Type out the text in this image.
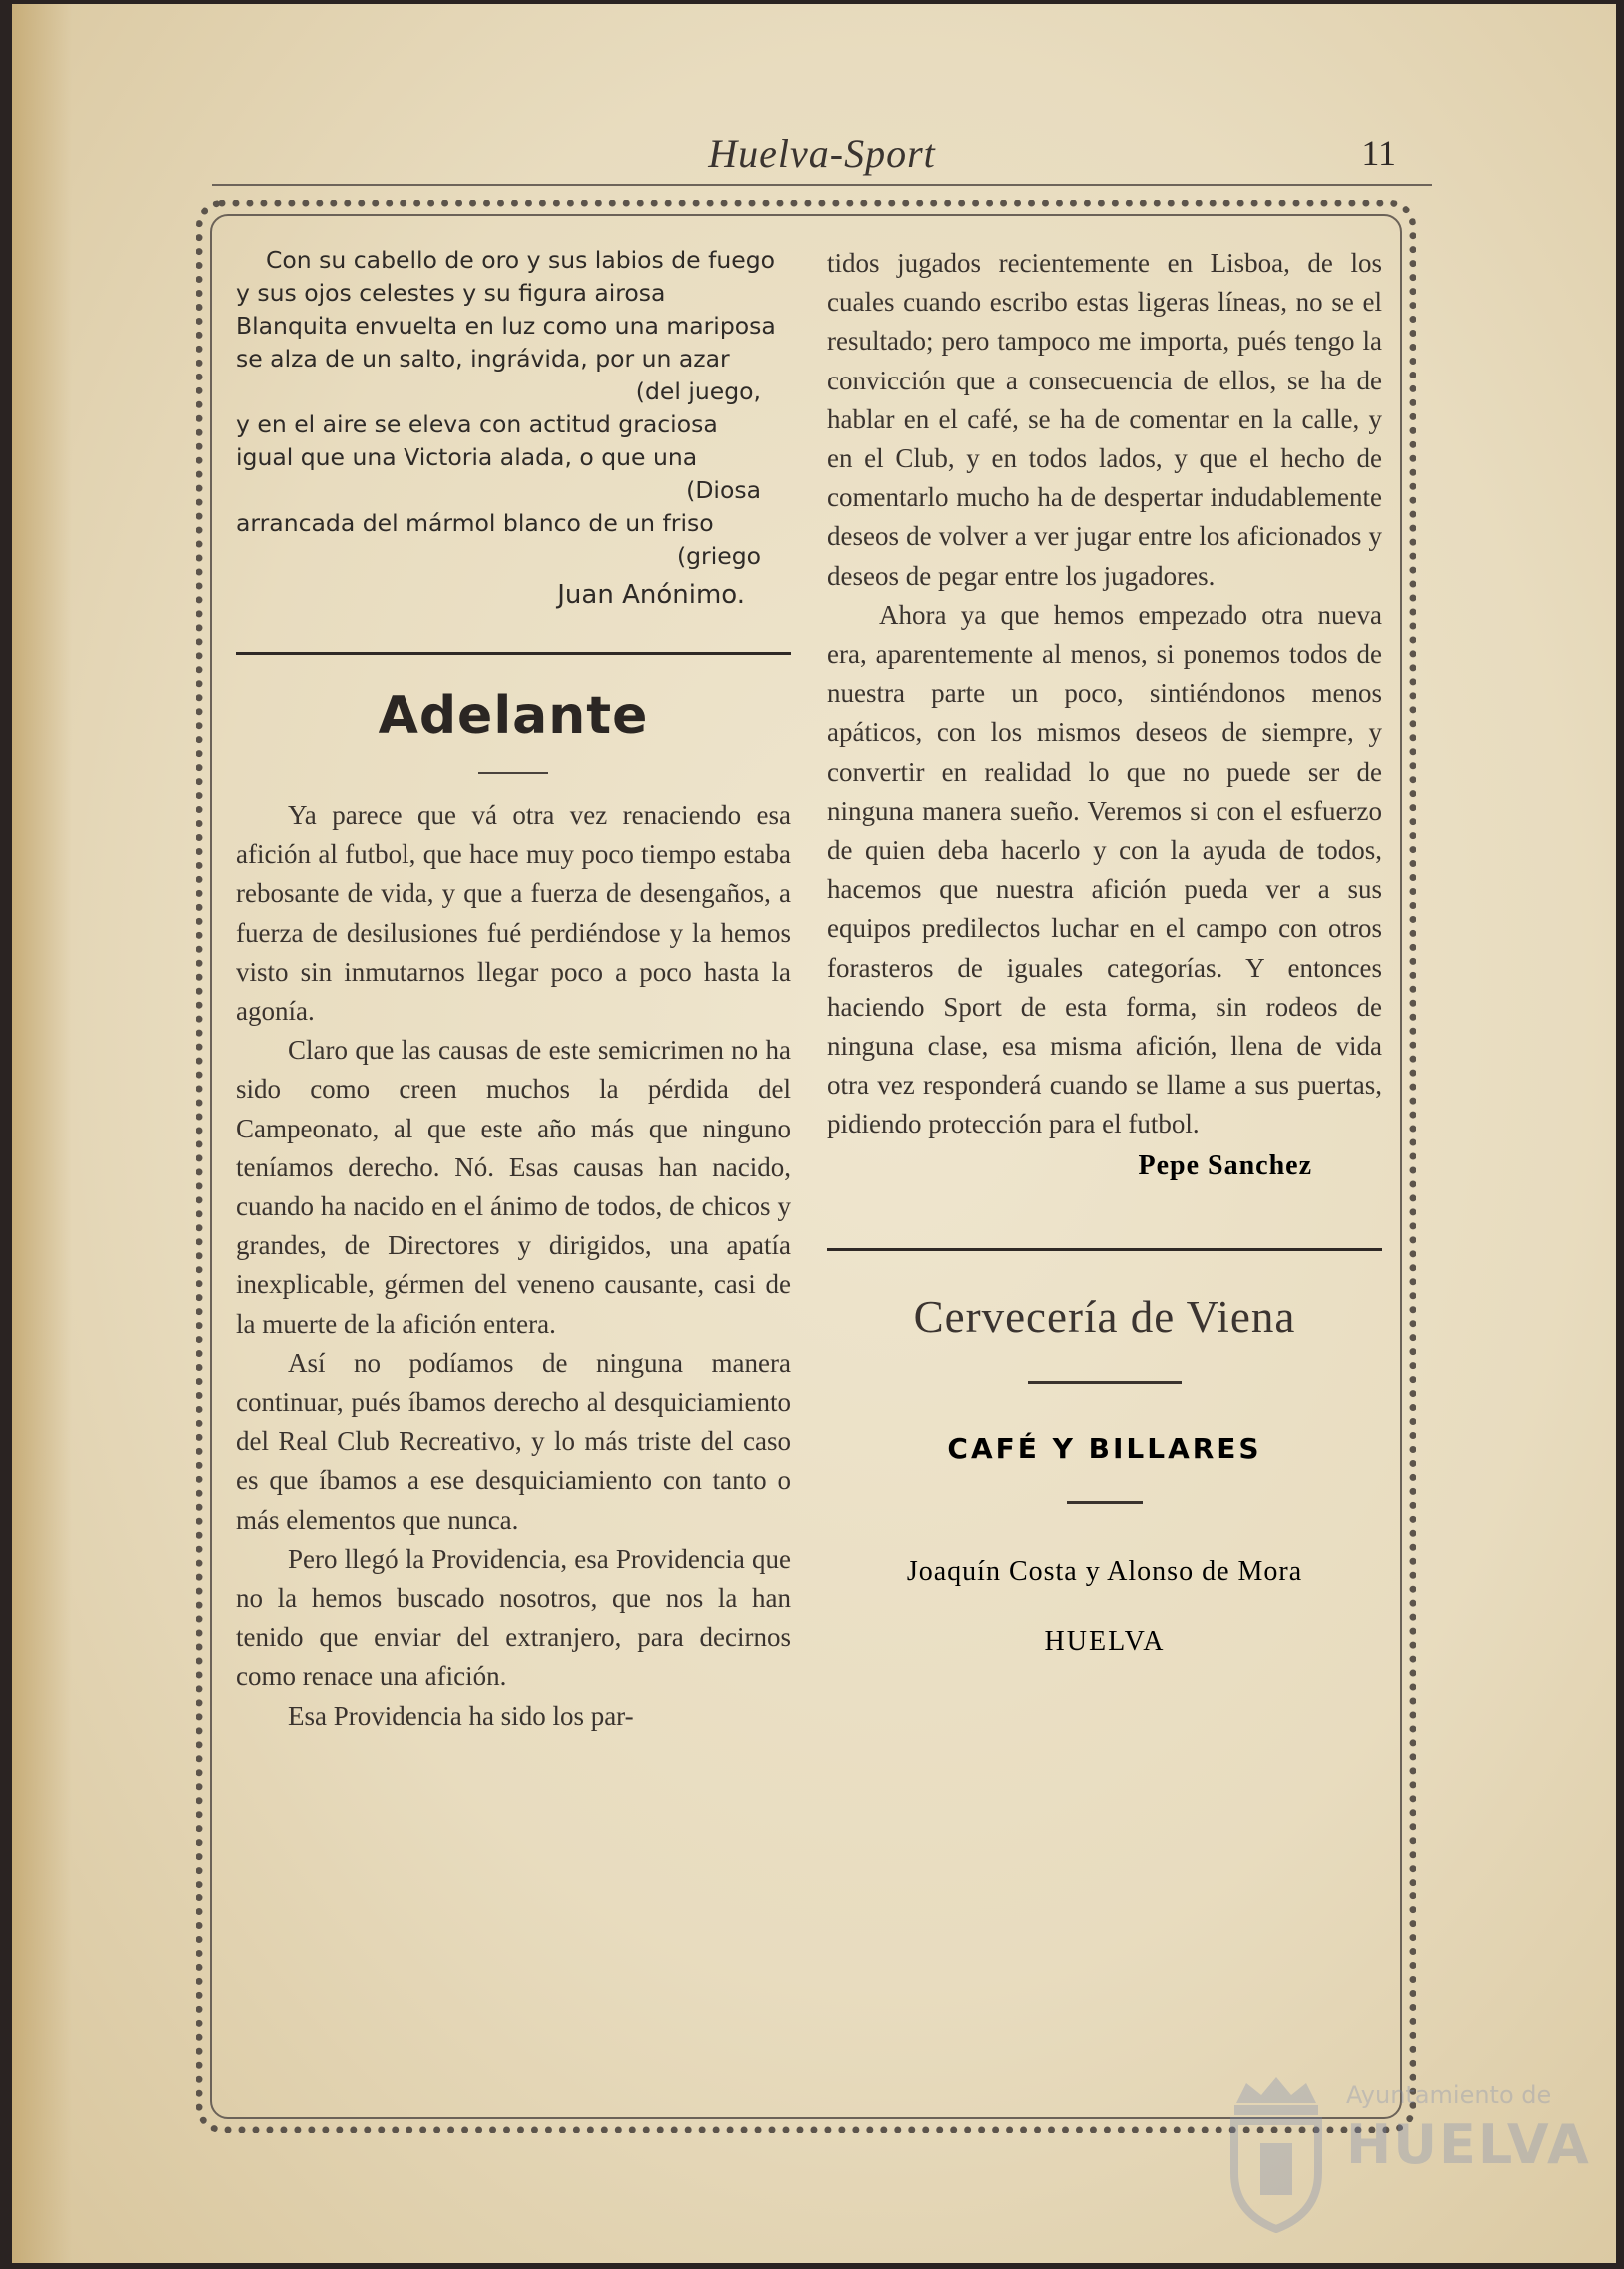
Huelva-Sport	11
Con su cabello de oro y sus labios de fuego
y sus ojos celestes y su figura airosa
Blanquita envuelta en luz como una mariposa
se alza de un salto, ingrávida, por un azar
(del juego,
y en el aire se eleva con actitud graciosa
igual que una Victoria alada, o que una
(Diosa
arrancada del mármol blanco de un friso
(griego
Juan Anónimo.
Adelante

Ya parece que vá otra vez renaciendo esa afición al futbol, que hace muy poco tiempo estaba rebosante de vida, y que a fuerza de desengaños, a fuerza de desilusiones fué perdiéndose y la hemos visto sin inmutarnos llegar poco a poco hasta la agonía.

Claro que las causas de este semicrimen no ha sido como creen muchos la pérdida del Campeonato, al que este año más que ninguno teníamos derecho. Nó. Esas causas han nacido, cuando ha nacido en el ánimo de todos, de chicos y grandes, de Directores y dirigidos, una apatía inexplicable, gérmen del veneno causante, casi de la muerte de la afición entera.

Así no podíamos de ninguna manera continuar, pués íbamos derecho al desquiciamiento del Real Club Recreativo, y lo más triste del caso es que íbamos a ese desquiciamiento con tanto o más elementos que nunca.

Pero llegó la Providencia, esa Providencia que no la hemos buscado nosotros, que nos la han tenido que enviar del extranjero, para decirnos como renace una afición.

Esa Providencia ha sido los par-

tidos jugados recientemente en Lisboa, de los cuales cuando escribo estas ligeras líneas, no se el resultado; pero tampoco me importa, pués tengo la convicción que a consecuencia de ellos, se ha de hablar en el café, se ha de comentar en la calle, y en el Club, y en todos lados, y que el hecho de comentarlo mucho ha de despertar indudablemente deseos de volver a ver jugar entre los aficionados y deseos de pegar entre los jugadores.

Ahora ya que hemos empezado otra nueva era, aparentemente al menos, si ponemos todos de nuestra parte un poco, sintiéndonos menos apáticos, con los mismos deseos de siempre, y convertir en realidad lo que no puede ser de ninguna manera sueño. Veremos si con el esfuerzo de quien deba hacerlo y con la ayuda de todos, hacemos que nuestra afición pueda ver a sus equipos predilectos luchar en el campo con otros forasteros de iguales categorías. Y entonces haciendo Sport de esta forma, sin rodeos de ninguna clase, esa misma afición, llena de vida otra vez responderá cuando se llame a sus puertas, pidiendo protección para el futbol.

Pepe Sanchez
Cervecería de Viena
CAFÉ Y BILLARES
Joaquín Costa y Alonso de Mora
HUELVA
Ayuntamiento de
HUELVA
